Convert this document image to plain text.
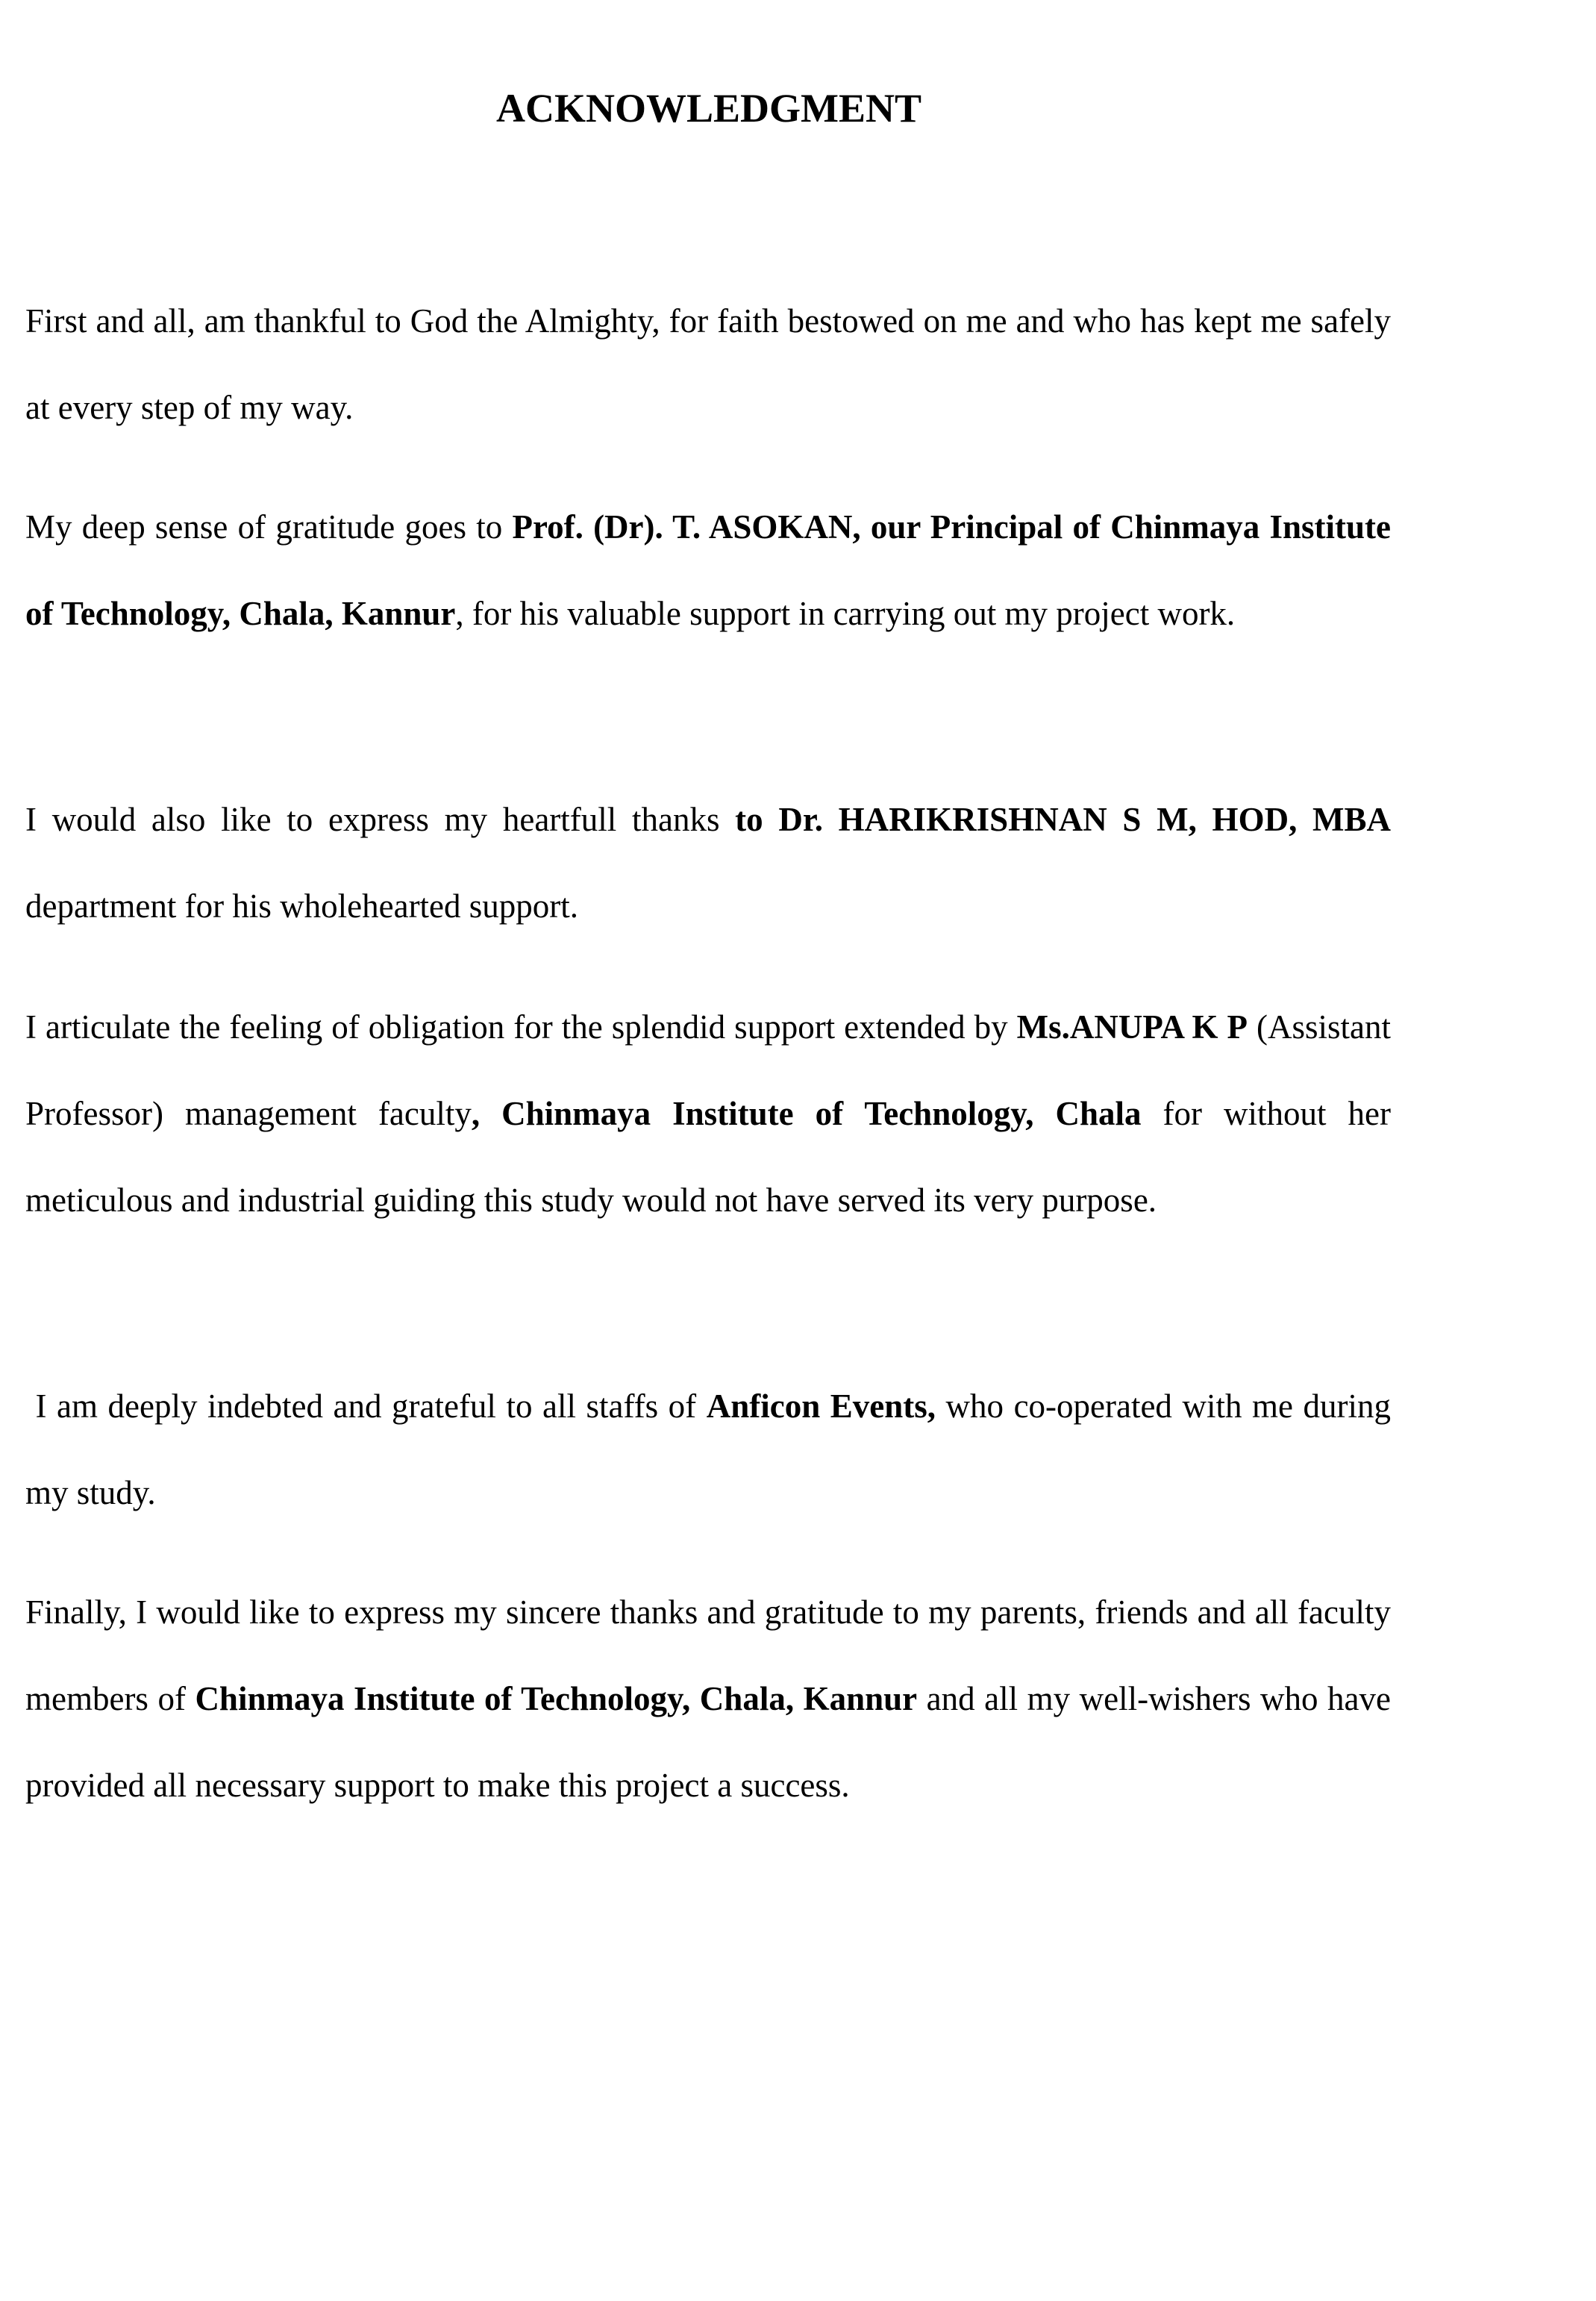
ACKNOWLEDGMENT

First and all, am thankful to God the Almighty, for faith bestowed on me and who has kept me safely at every step of my way.

My deep sense of gratitude goes to Prof. (Dr). T. ASOKAN, our Principal of Chinmaya Institute of Technology, Chala, Kannur, for his valuable support in carrying out my project work.

I would also like to express my heartfull thanks to Dr. HARIKRISHNAN S M, HOD, MBA department for his wholehearted support.

I articulate the feeling of obligation for the splendid support extended by Ms.ANUPA K P (Assistant Professor) management faculty, Chinmaya Institute of Technology, Chala for without her meticulous and industrial guiding this study would not have served its very purpose.

I am deeply indebted and grateful to all staffs of Anficon Events, who co-operated with me during my study.

Finally, I would like to express my sincere thanks and gratitude to my parents, friends and all faculty members of Chinmaya Institute of Technology, Chala, Kannur and all my well-wishers who have provided all necessary support to make this project a success.
